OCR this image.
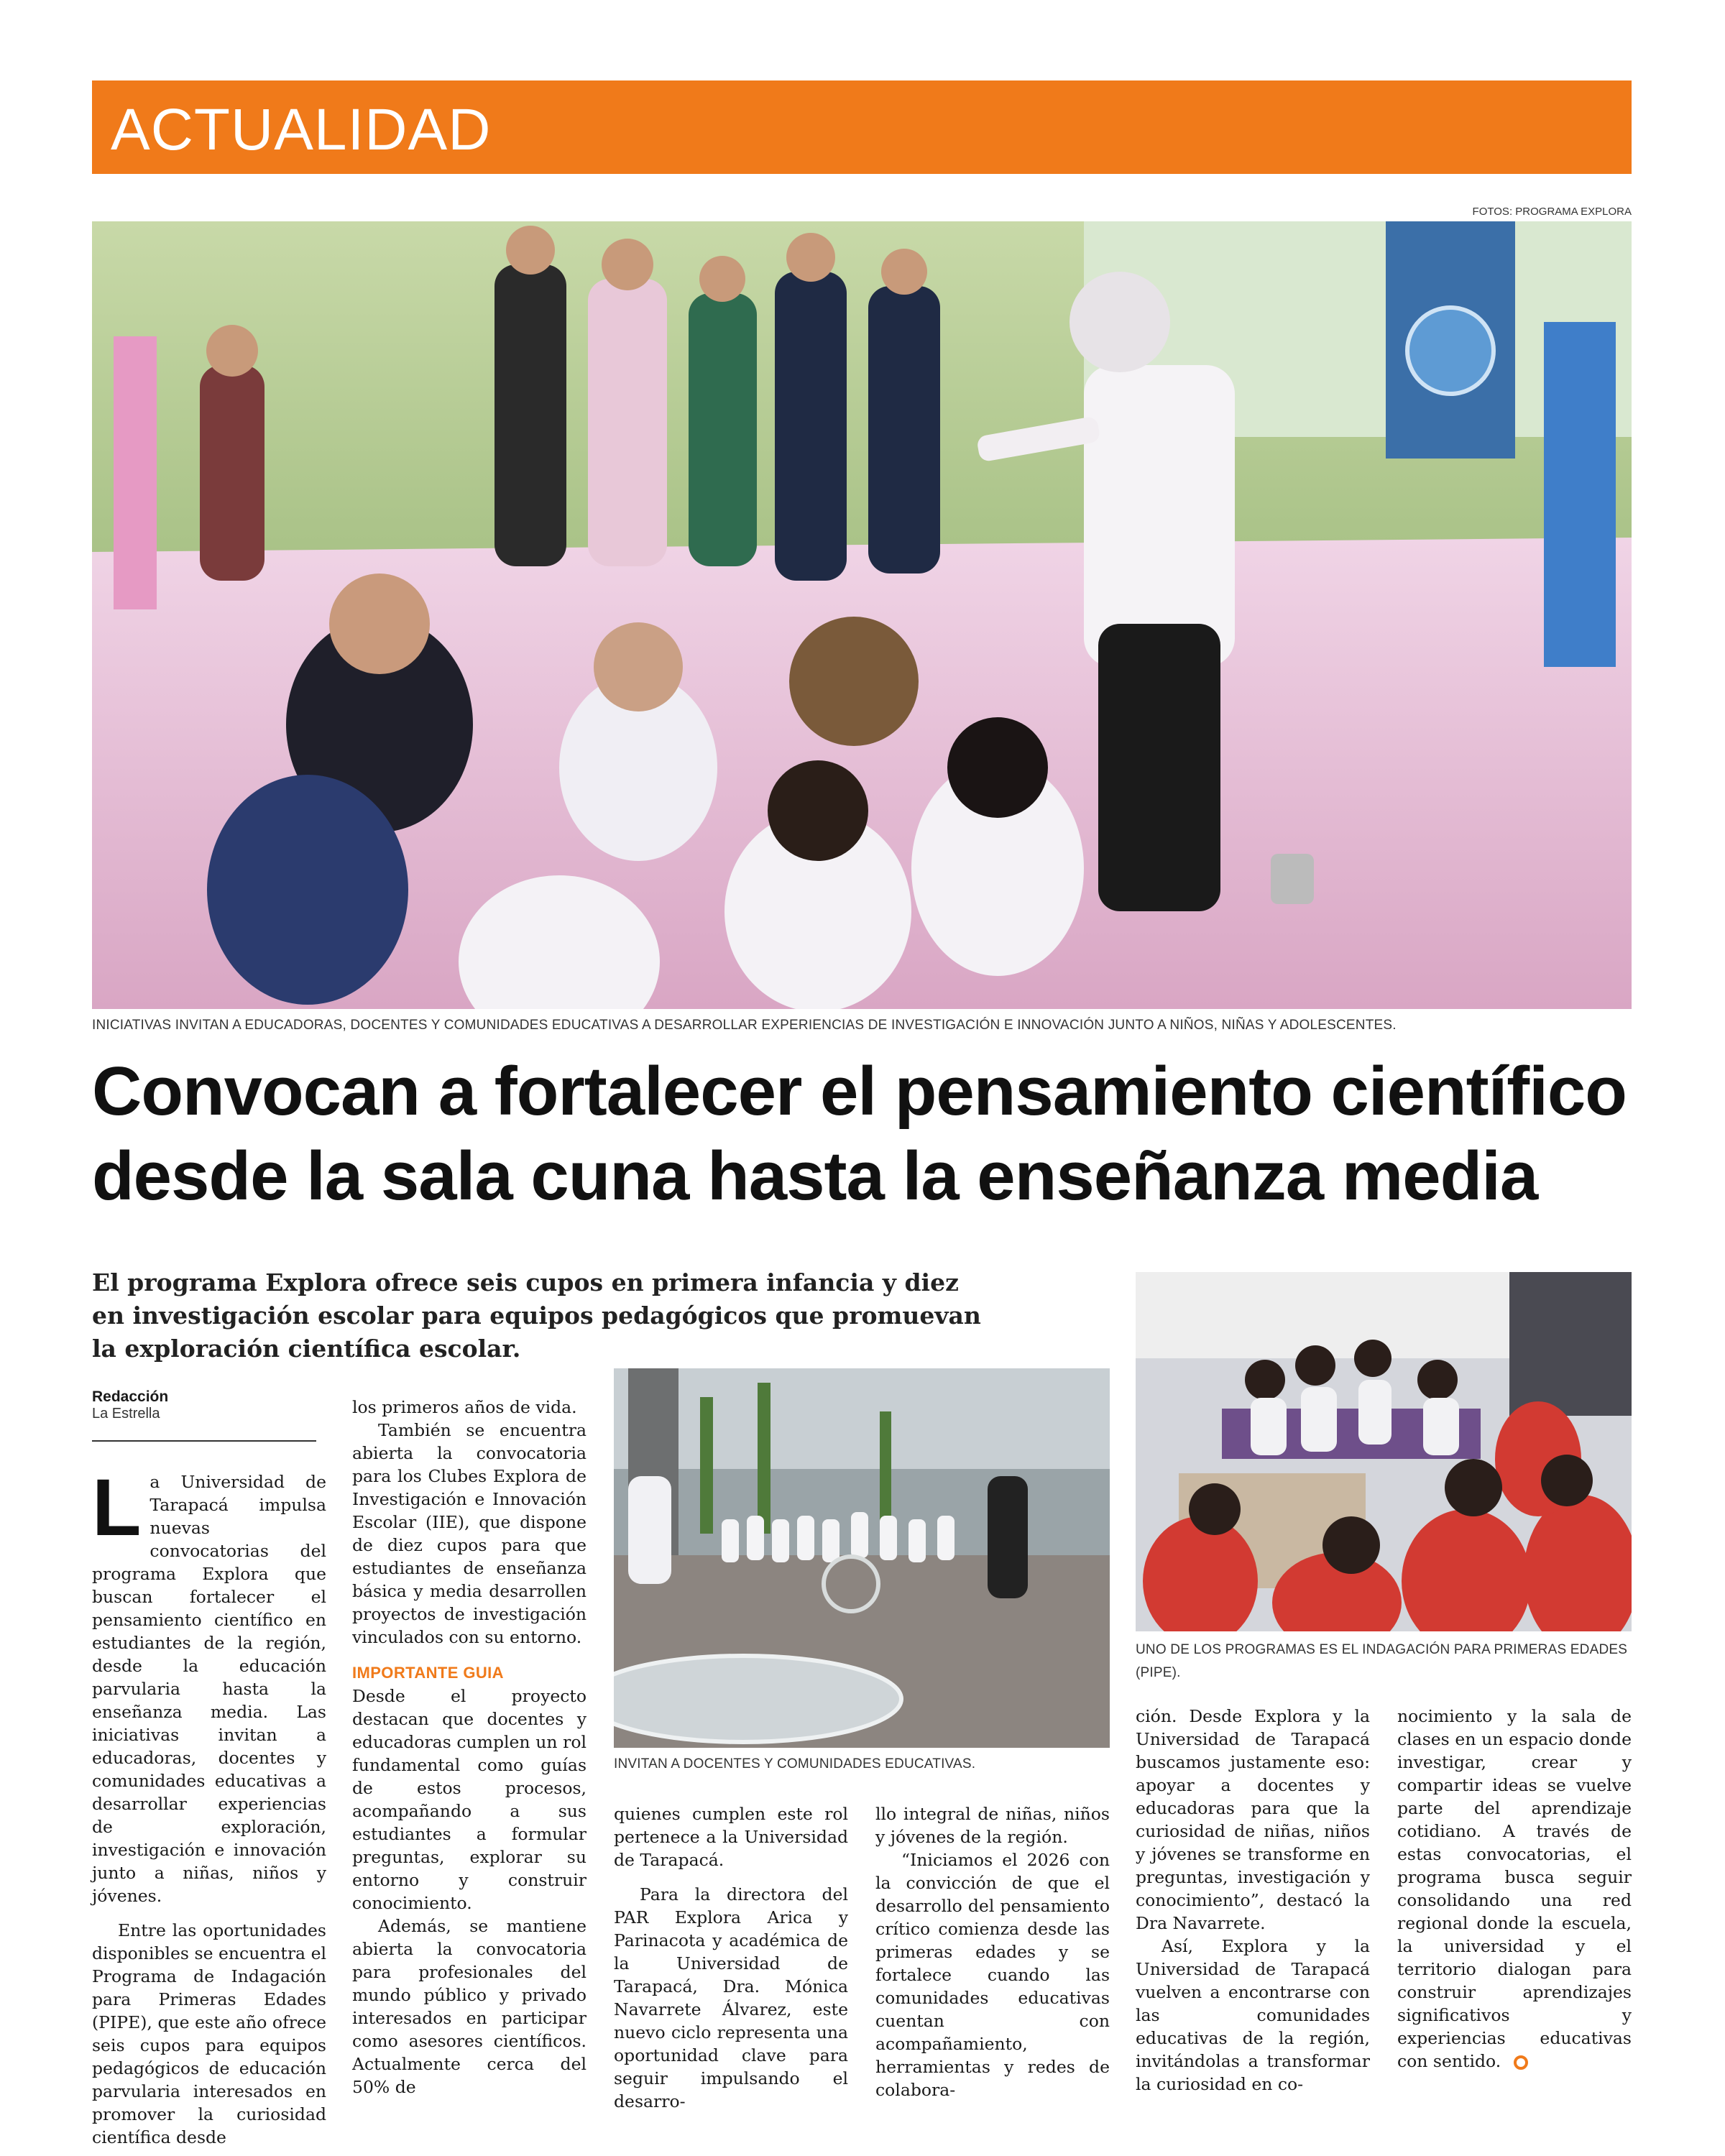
ACTUALIDAD
FOTOS: PROGRAMA EXPLORA
INICIATIVAS INVITAN A EDUCADORAS, DOCENTES Y COMUNIDADES EDUCATIVAS A DESARROLLAR EXPERIENCIAS DE INVESTIGACIÓN E INNOVACIÓN JUNTO A NIÑOS, NIÑAS Y ADOLESCENTES.
Convocan a fortalecer el pensamiento científico
desde la sala cuna hasta la enseñanza media
El programa Explora ofrece seis cupos en primera infancia y diez en investigación escolar para equipos pedagógicos que promuevan la exploración científica escolar.
Redacción
La Estrella
INVITAN A DOCENTES Y COMUNIDADES EDUCATIVAS.
UNO DE LOS PROGRAMAS ES EL INDAGACIÓN PARA PRIMERAS EDADES (PIPE).

La Universidad de Tarapacá impulsa nuevas convocatorias del programa Explora que buscan fortalecer el pensamiento científico en estudiantes de la región, desde la educación parvularia hasta la enseñanza media. Las iniciativas invitan a educadoras, docentes y comunidades educativas a desarrollar experiencias de exploración, investigación e innovación junto a niñas, niños y jóvenes.

Entre las oportunidades disponibles se encuentra el Programa de Indagación para Primeras Edades (PIPE), que este año ofrece seis cupos para equipos pedagógicos de educación parvularia interesados en promover la curiosidad científica desde

los primeros años de vida.

También se encuentra abierta la convocatoria para los Clubes Explora de Investigación e Innovación Escolar (IIE), que dispone de diez cupos para que estudiantes de enseñanza básica y media desarrollen proyectos de investigación vinculados con su entorno.

IMPORTANTE GUIA

Desde el proyecto destacan que docentes y educadoras cumplen un rol fundamental como guías de estos procesos, acompañando a sus estudiantes a formular preguntas, explorar su entorno y construir conocimiento.

Además, se mantiene abierta la convocatoria para profesionales del mundo público y privado interesados en participar como asesores científicos. Actualmente cerca del 50% de

quienes cumplen este rol pertenece a la Universidad de Tarapacá.

Para la directora del PAR Explora Arica y Parinacota y académica de la Universidad de Tarapacá, Dra. Mónica Navarrete Álvarez, este nuevo ciclo representa una oportunidad clave para seguir impulsando el desarro-

llo integral de niñas, niños y jóvenes de la región.

“Iniciamos el 2026 con la convicción de que el desarrollo del pensamiento crítico comienza desde las primeras edades y se fortalece cuando las comunidades educativas cuentan con acompañamiento, herramientas y redes de colabora-

ción. Desde Explora y la Universidad de Tarapacá buscamos justamente eso: apoyar a docentes y educadoras para que la curiosidad de niñas, niños y jóvenes se transforme en preguntas, investigación y conocimiento”, destacó la Dra Navarrete.

Así, Explora y la Universidad de Tarapacá vuelven a encontrarse con las comunidades educativas de la región, invitándolas a transformar la curiosidad en co-

nocimiento y la sala de clases en un espacio donde investigar, crear y compartir ideas se vuelve parte del aprendizaje cotidiano. A través de estas convocatorias, el programa busca seguir consolidando una red regional donde la escuela, la universidad y el territorio dialogan para construir aprendizajes significativos y experiencias educativas con sentido.
